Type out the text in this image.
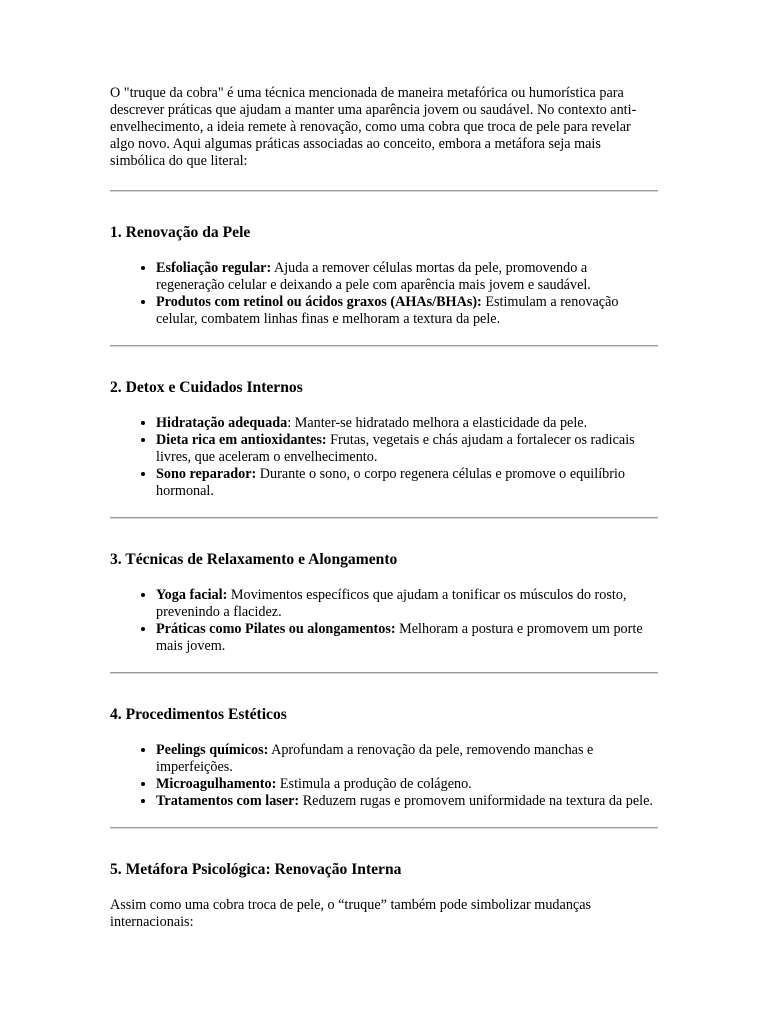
O "truque da cobra" é uma técnica mencionada de maneira metafórica ou humorística para descrever práticas que ajudam a manter uma aparência jovem ou saudável. No contexto anti-envelhecimento, a ideia remete à renovação, como uma cobra que troca de pele para revelar algo novo. Aqui algumas práticas associadas ao conceito, embora a metáfora seja mais simbólica do que literal:

1. Renovação da Pele
• Esfoliação regular: Ajuda a remover células mortas da pele, promovendo a regeneração celular e deixando a pele com aparência mais jovem e saudável.
• Produtos com retinol ou ácidos graxos (AHAs/BHAs): Estimulam a renovação celular, combatem linhas finas e melhoram a textura da pele.
2. Detox e Cuidados Internos
• Hidratação adequada: Manter-se hidratado melhora a elasticidade da pele.
• Dieta rica em antioxidantes: Frutas, vegetais e chás ajudam a fortalecer os radicais livres, que aceleram o envelhecimento.
• Sono reparador: Durante o sono, o corpo regenera células e promove o equilíbrio hormonal.
3. Técnicas de Relaxamento e Alongamento
• Yoga facial: Movimentos específicos que ajudam a tonificar os músculos do rosto, prevenindo a flacidez.
• Práticas como Pilates ou alongamentos: Melhoram a postura e promovem um porte mais jovem.
4. Procedimentos Estéticos
• Peelings químicos: Aprofundam a renovação da pele, removendo manchas e imperfeições.
• Microagulhamento: Estimula a produção de colágeno.
• Tratamentos com laser: Reduzem rugas e promovem uniformidade na textura da pele.
5. Metáfora Psicológica: Renovação Interna

Assim como uma cobra troca de pele, o “truque” também pode simbolizar mudanças internacionais:
